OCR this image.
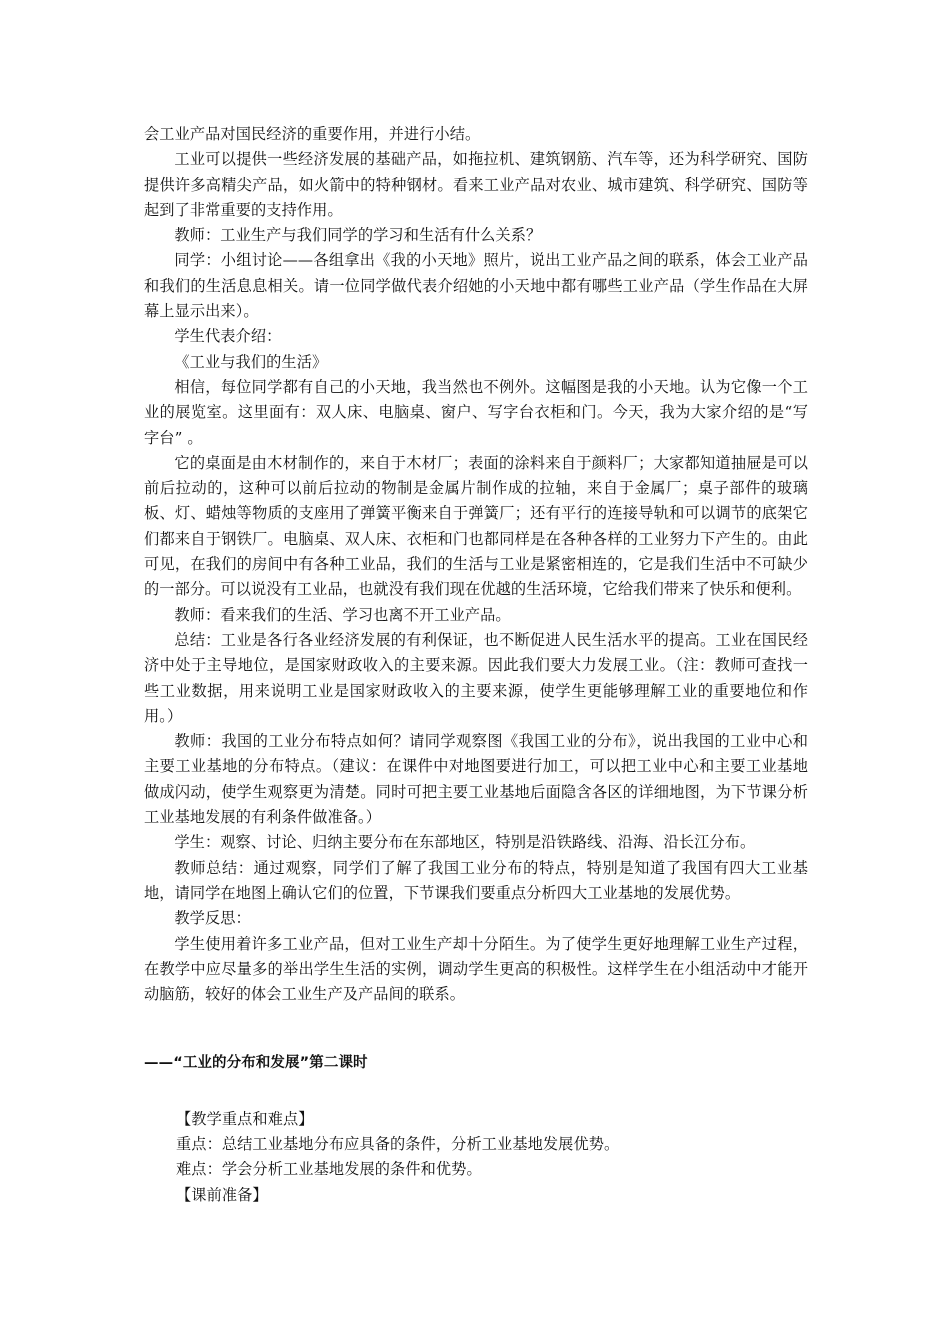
会工业产品对国民经济的重要作用，并进行小结。

工业可以提供一些经济发展的基础产品，如拖拉机、建筑钢筋、汽车等，还为科学研究、国防提供许多高精尖产品，如火箭中的特种钢材。看来工业产品对农业、城市建筑、科学研究、国防等起到了非常重要的支持作用。

教师：工业生产与我们同学的学习和生活有什么关系？

同学：小组讨论——各组拿出《我的小天地》照片，说出工业产品之间的联系，体会工业产品和我们的生活息息相关。请一位同学做代表介绍她的小天地中都有哪些工业产品（学生作品在大屏幕上显示出来）。

学生代表介绍：

《工业与我们的生活》

相信，每位同学都有自己的小天地，我当然也不例外。这幅图是我的小天地。认为它像一个工业的展览室。这里面有：双人床、电脑桌、窗户、写字台衣柜和门。今天，我为大家介绍的是“写字台” 。

它的桌面是由木材制作的，来自于木材厂；表面的涂料来自于颜料厂；大家都知道抽屉是可以前后拉动的，这种可以前后拉动的物制是金属片制作成的拉轴，来自于金属厂；桌子部件的玻璃板、灯、蜡烛等物质的支座用了弹簧平衡来自于弹簧厂；还有平行的连接导轨和可以调节的底架它们都来自于钢铁厂。电脑桌、双人床、衣柜和门也都同样是在各种各样的工业努力下产生的。由此可见，在我们的房间中有各种工业品，我们的生活与工业是紧密相连的，它是我们生活中不可缺少的一部分。可以说没有工业品，也就没有我们现在优越的生活环境，它给我们带来了快乐和便利。

教师：看来我们的生活、学习也离不开工业产品。

总结：工业是各行各业经济发展的有利保证，也不断促进人民生活水平的提高。工业在国民经济中处于主导地位，是国家财政收入的主要来源。因此我们要大力发展工业。（注：教师可查找一些工业数据，用来说明工业是国家财政收入的主要来源，使学生更能够理解工业的重要地位和作用。）

教师：我国的工业分布特点如何？请同学观察图《我国工业的分布》，说出我国的工业中心和主要工业基地的分布特点。（建议：在课件中对地图要进行加工，可以把工业中心和主要工业基地做成闪动，使学生观察更为清楚。同时可把主要工业基地后面隐含各区的详细地图，为下节课分析工业基地发展的有利条件做准备。）

学生：观察、讨论、归纳主要分布在东部地区，特别是沿铁路线、沿海、沿长江分布。

教师总结：通过观察，同学们了解了我国工业分布的特点，特别是知道了我国有四大工业基地，请同学在地图上确认它们的位置，下节课我们要重点分析四大工业基地的发展优势。

教学反思：

学生使用着许多工业产品，但对工业生产却十分陌生。为了使学生更好地理解工业生产过程，在教学中应尽量多的举出学生生活的实例，调动学生更高的积极性。这样学生在小组活动中才能开动脑筋，较好的体会工业生产及产品间的联系。

——“工业的分布和发展”第二课时

【教学重点和难点】

重点：总结工业基地分布应具备的条件，分析工业基地发展优势。

难点：学会分析工业基地发展的条件和优势。

【课前准备】
